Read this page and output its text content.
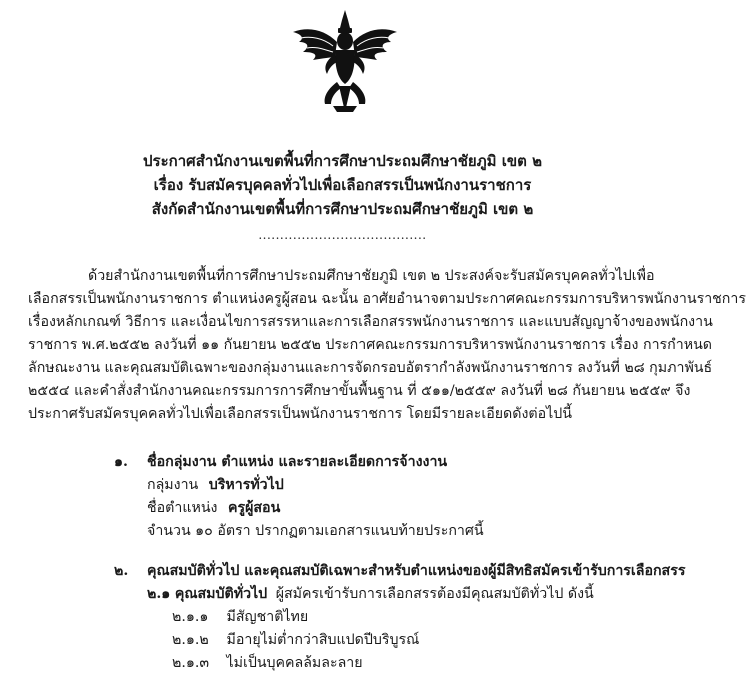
ประกาศสำนักงานเขตพื้นที่การศึกษาประถมศึกษาชัยภูมิ เขต ๒
เรื่อง รับสมัครบุคคลทั่วไปเพื่อเลือกสรรเป็นพนักงานราชการ
สังกัดสำนักงานเขตพื้นที่การศึกษาประถมศึกษาชัยภูมิ เขต ๒
.......................................
ด้วยสำนักงานเขตพื้นที่การศึกษาประถมศึกษาชัยภูมิ เขต ๒ ประสงค์จะรับสมัครบุคคลทั่วไปเพื่อ
เลือกสรรเป็นพนักงานราชการ ตำแหน่งครูผู้สอน ฉะนั้น อาศัยอำนาจตามประกาศคณะกรรมการบริหารพนักงานราชการ
เรื่องหลักเกณฑ์ วิธีการ และเงื่อนไขการสรรหาและการเลือกสรรพนักงานราชการ และแบบสัญญาจ้างของพนักงาน
ราชการ พ.ศ.๒๕๕๒ ลงวันที่ ๑๑ กันยายน ๒๕๕๒ ประกาศคณะกรรมการบริหารพนักงานราชการ เรื่อง การกำหนด
ลักษณะงาน และคุณสมบัติเฉพาะของกลุ่มงานและการจัดกรอบอัตรากำลังพนักงานราชการ ลงวันที่ ๒๘ กุมภาพันธ์
๒๕๕๔ และคำสั่งสำนักงานคณะกรรมการการศึกษาขั้นพื้นฐาน ที่ ๕๑๑/๒๕๕๙ ลงวันที่ ๒๘ กันยายน ๒๕๕๙ จึง
ประกาศรับสมัครบุคคลทั่วไปเพื่อเลือกสรรเป็นพนักงานราชการ โดยมีรายละเอียดดังต่อไปนี้
๑. ชื่อกลุ่มงาน ตำแหน่ง และรายละเอียดการจ้างงาน
กลุ่มงาน บริหารทั่วไป
ชื่อตำแหน่ง ครูผู้สอน
จำนวน ๑๐ อัตรา ปรากฏตามเอกสารแนบท้ายประกาศนี้
๒. คุณสมบัติทั่วไป และคุณสมบัติเฉพาะสำหรับตำแหน่งของผู้มีสิทธิสมัครเข้ารับการเลือกสรร
๒.๑ คุณสมบัติทั่วไป ผู้สมัครเข้ารับการเลือกสรรต้องมีคุณสมบัติทั่วไป ดังนี้
๒.๑.๑ มีสัญชาติไทย
๒.๑.๒ มีอายุไม่ต่ำกว่าสิบแปดปีบริบูรณ์
๒.๑.๓ ไม่เป็นบุคคลล้มละลาย
